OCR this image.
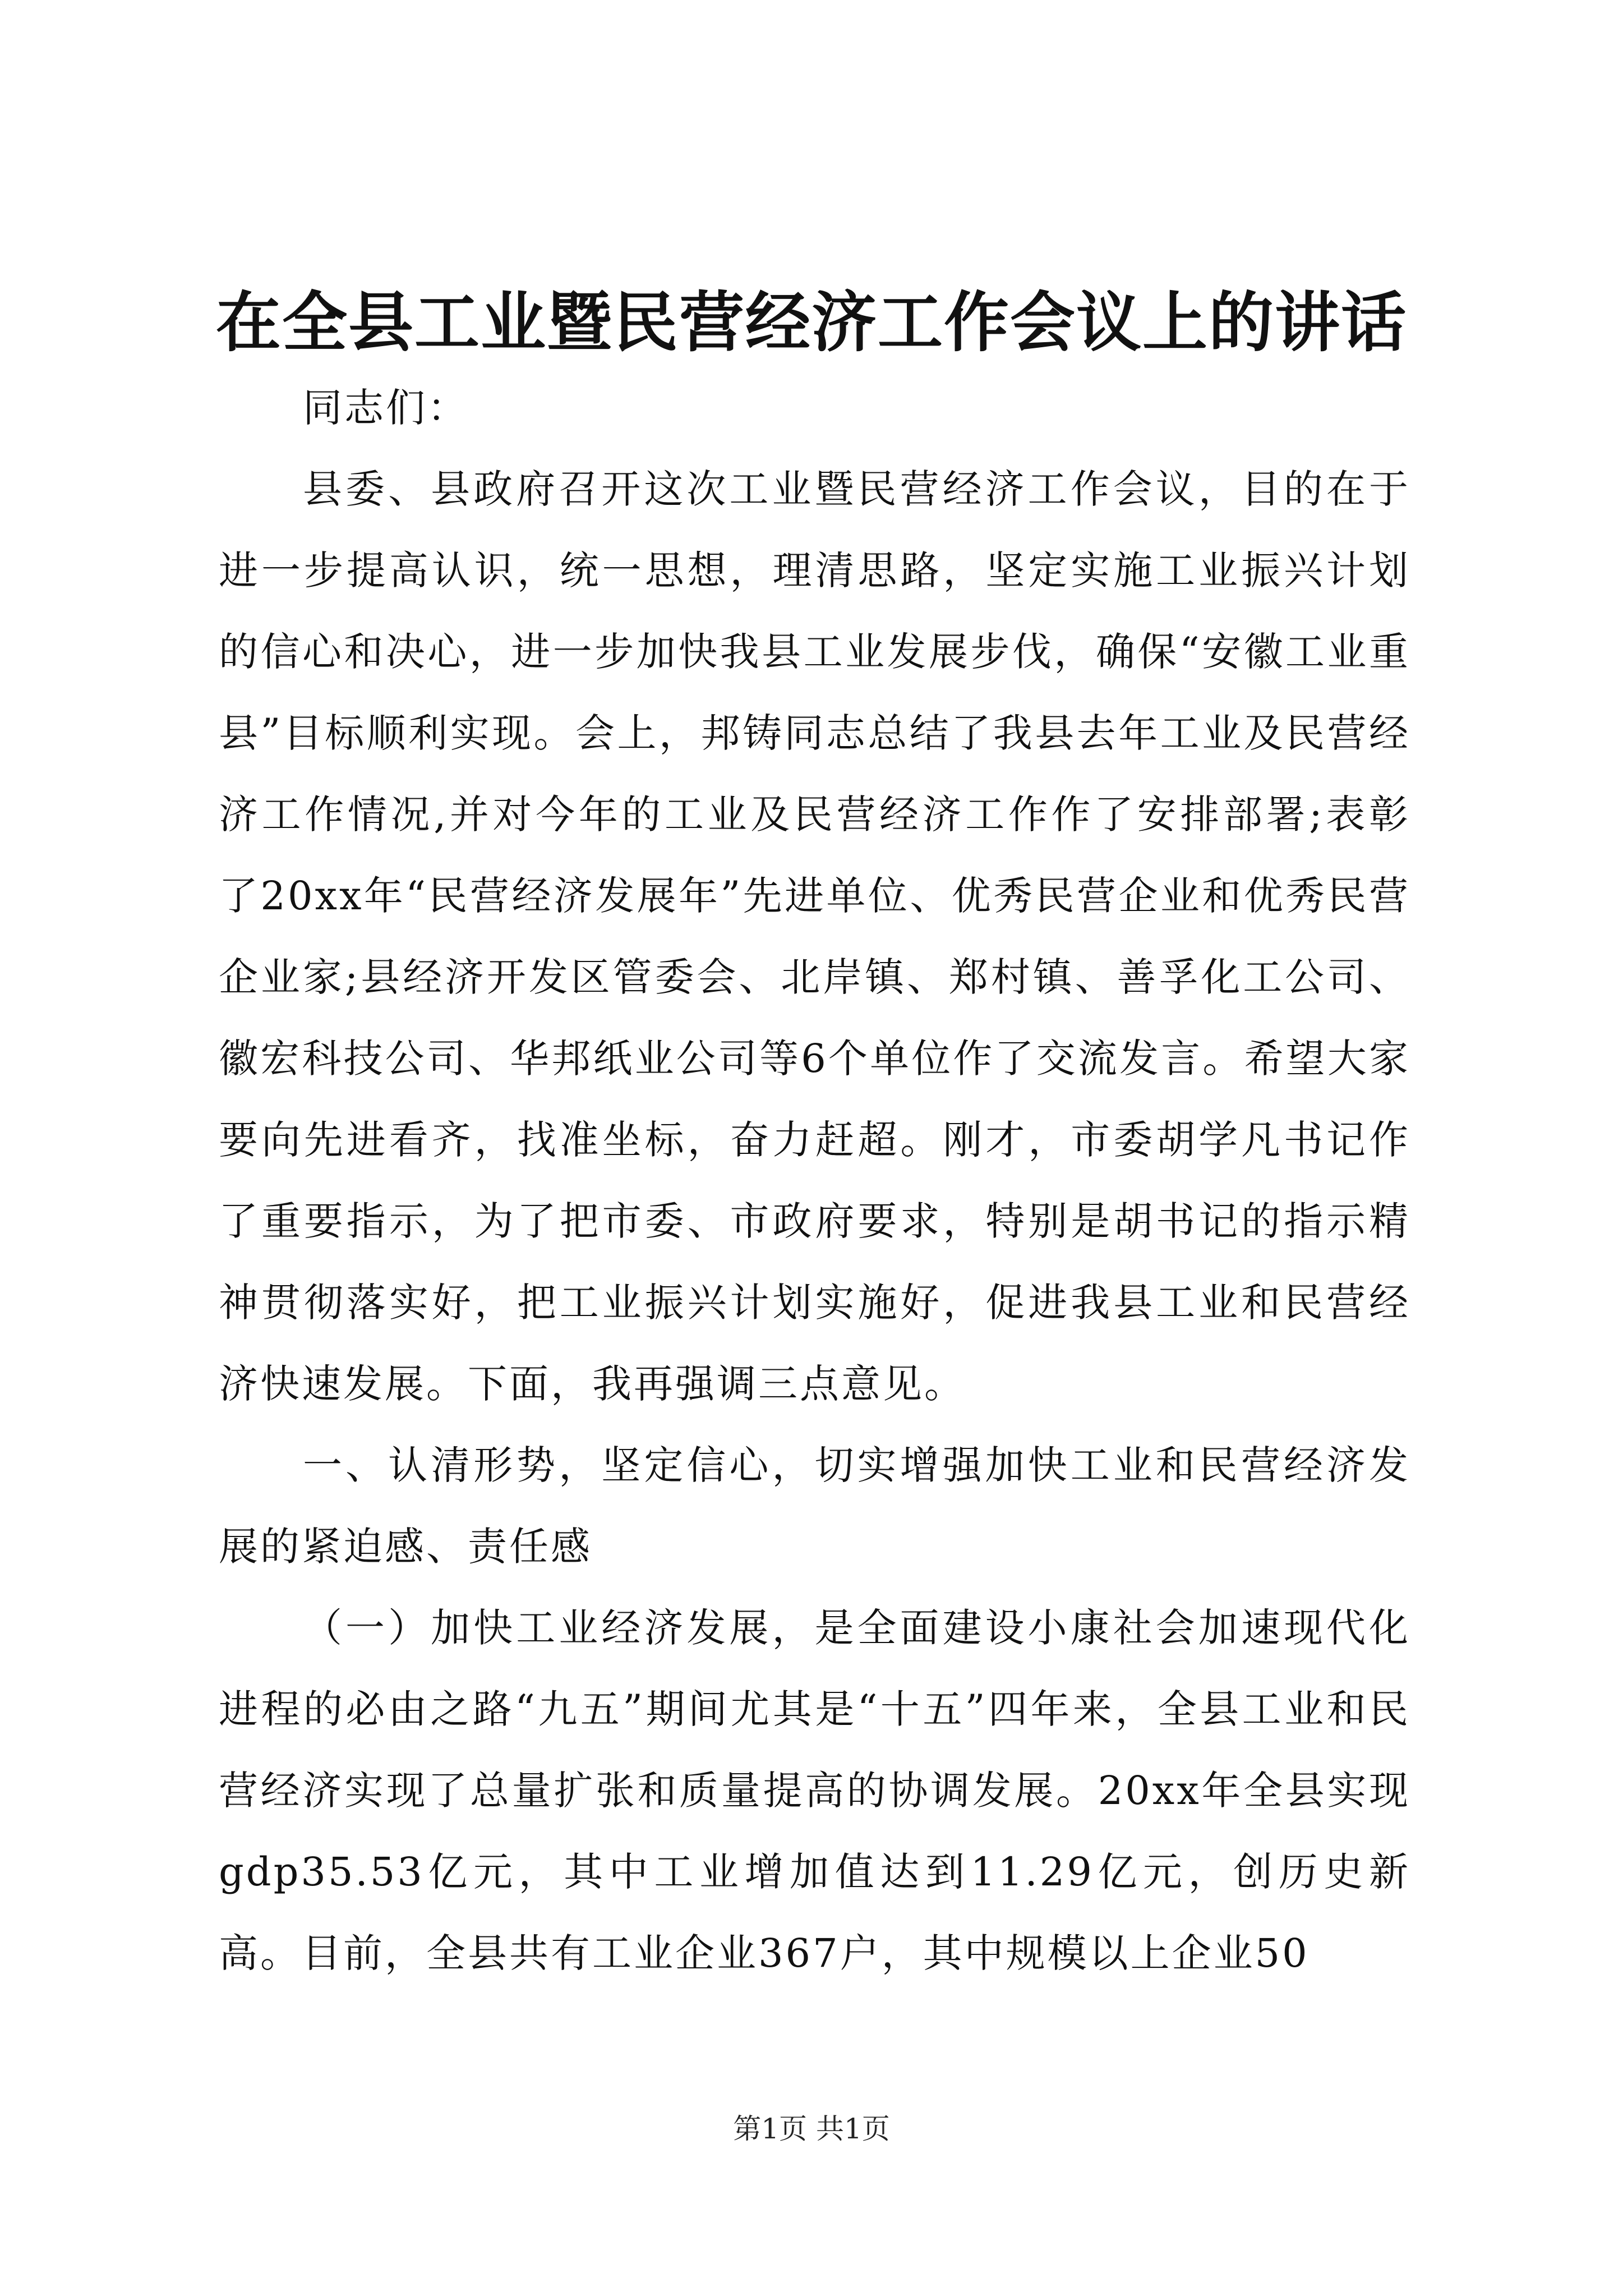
在全县工业暨民营经济工作会议上的讲话

同志们：

县委、县政府召开这次工业暨民营经济工作会议，目的在于进一步提高认识，统一思想，理清思路，坚定实施工业振兴计划的信心和决心，进一步加快我县工业发展步伐，确保“安徽工业重县”目标顺利实现。会上，邦铸同志总结了我县去年工业及民营经济工作情况,并对今年的工业及民营经济工作作了安排部署;表彰了20xx年“民营经济发展年”先进单位、优秀民营企业和优秀民营企业家;县经济开发区管委会、北岸镇、郑村镇、善孚化工公司、徽宏科技公司、华邦纸业公司等6个单位作了交流发言。希望大家要向先进看齐，找准坐标，奋力赶超。刚才，市委胡学凡书记作了重要指示，为了把市委、市政府要求，特别是胡书记的指示精神贯彻落实好，把工业振兴计划实施好，促进我县工业和民营经济快速发展。下面，我再强调三点意见。

一、认清形势，坚定信心，切实增强加快工业和民营经济发展的紧迫感、责任感

（一）加快工业经济发展，是全面建设小康社会加速现代化进程的必由之路“九五”期间尤其是“十五”四年来，全县工业和民营经济实现了总量扩张和质量提高的协调发展。20xx年全县实现gdp35.53亿元，其中工业增加值达到11.29亿元，创历史新高。目前，全县共有工业企业367户，其中规模以上企业50

第1页 共1页
